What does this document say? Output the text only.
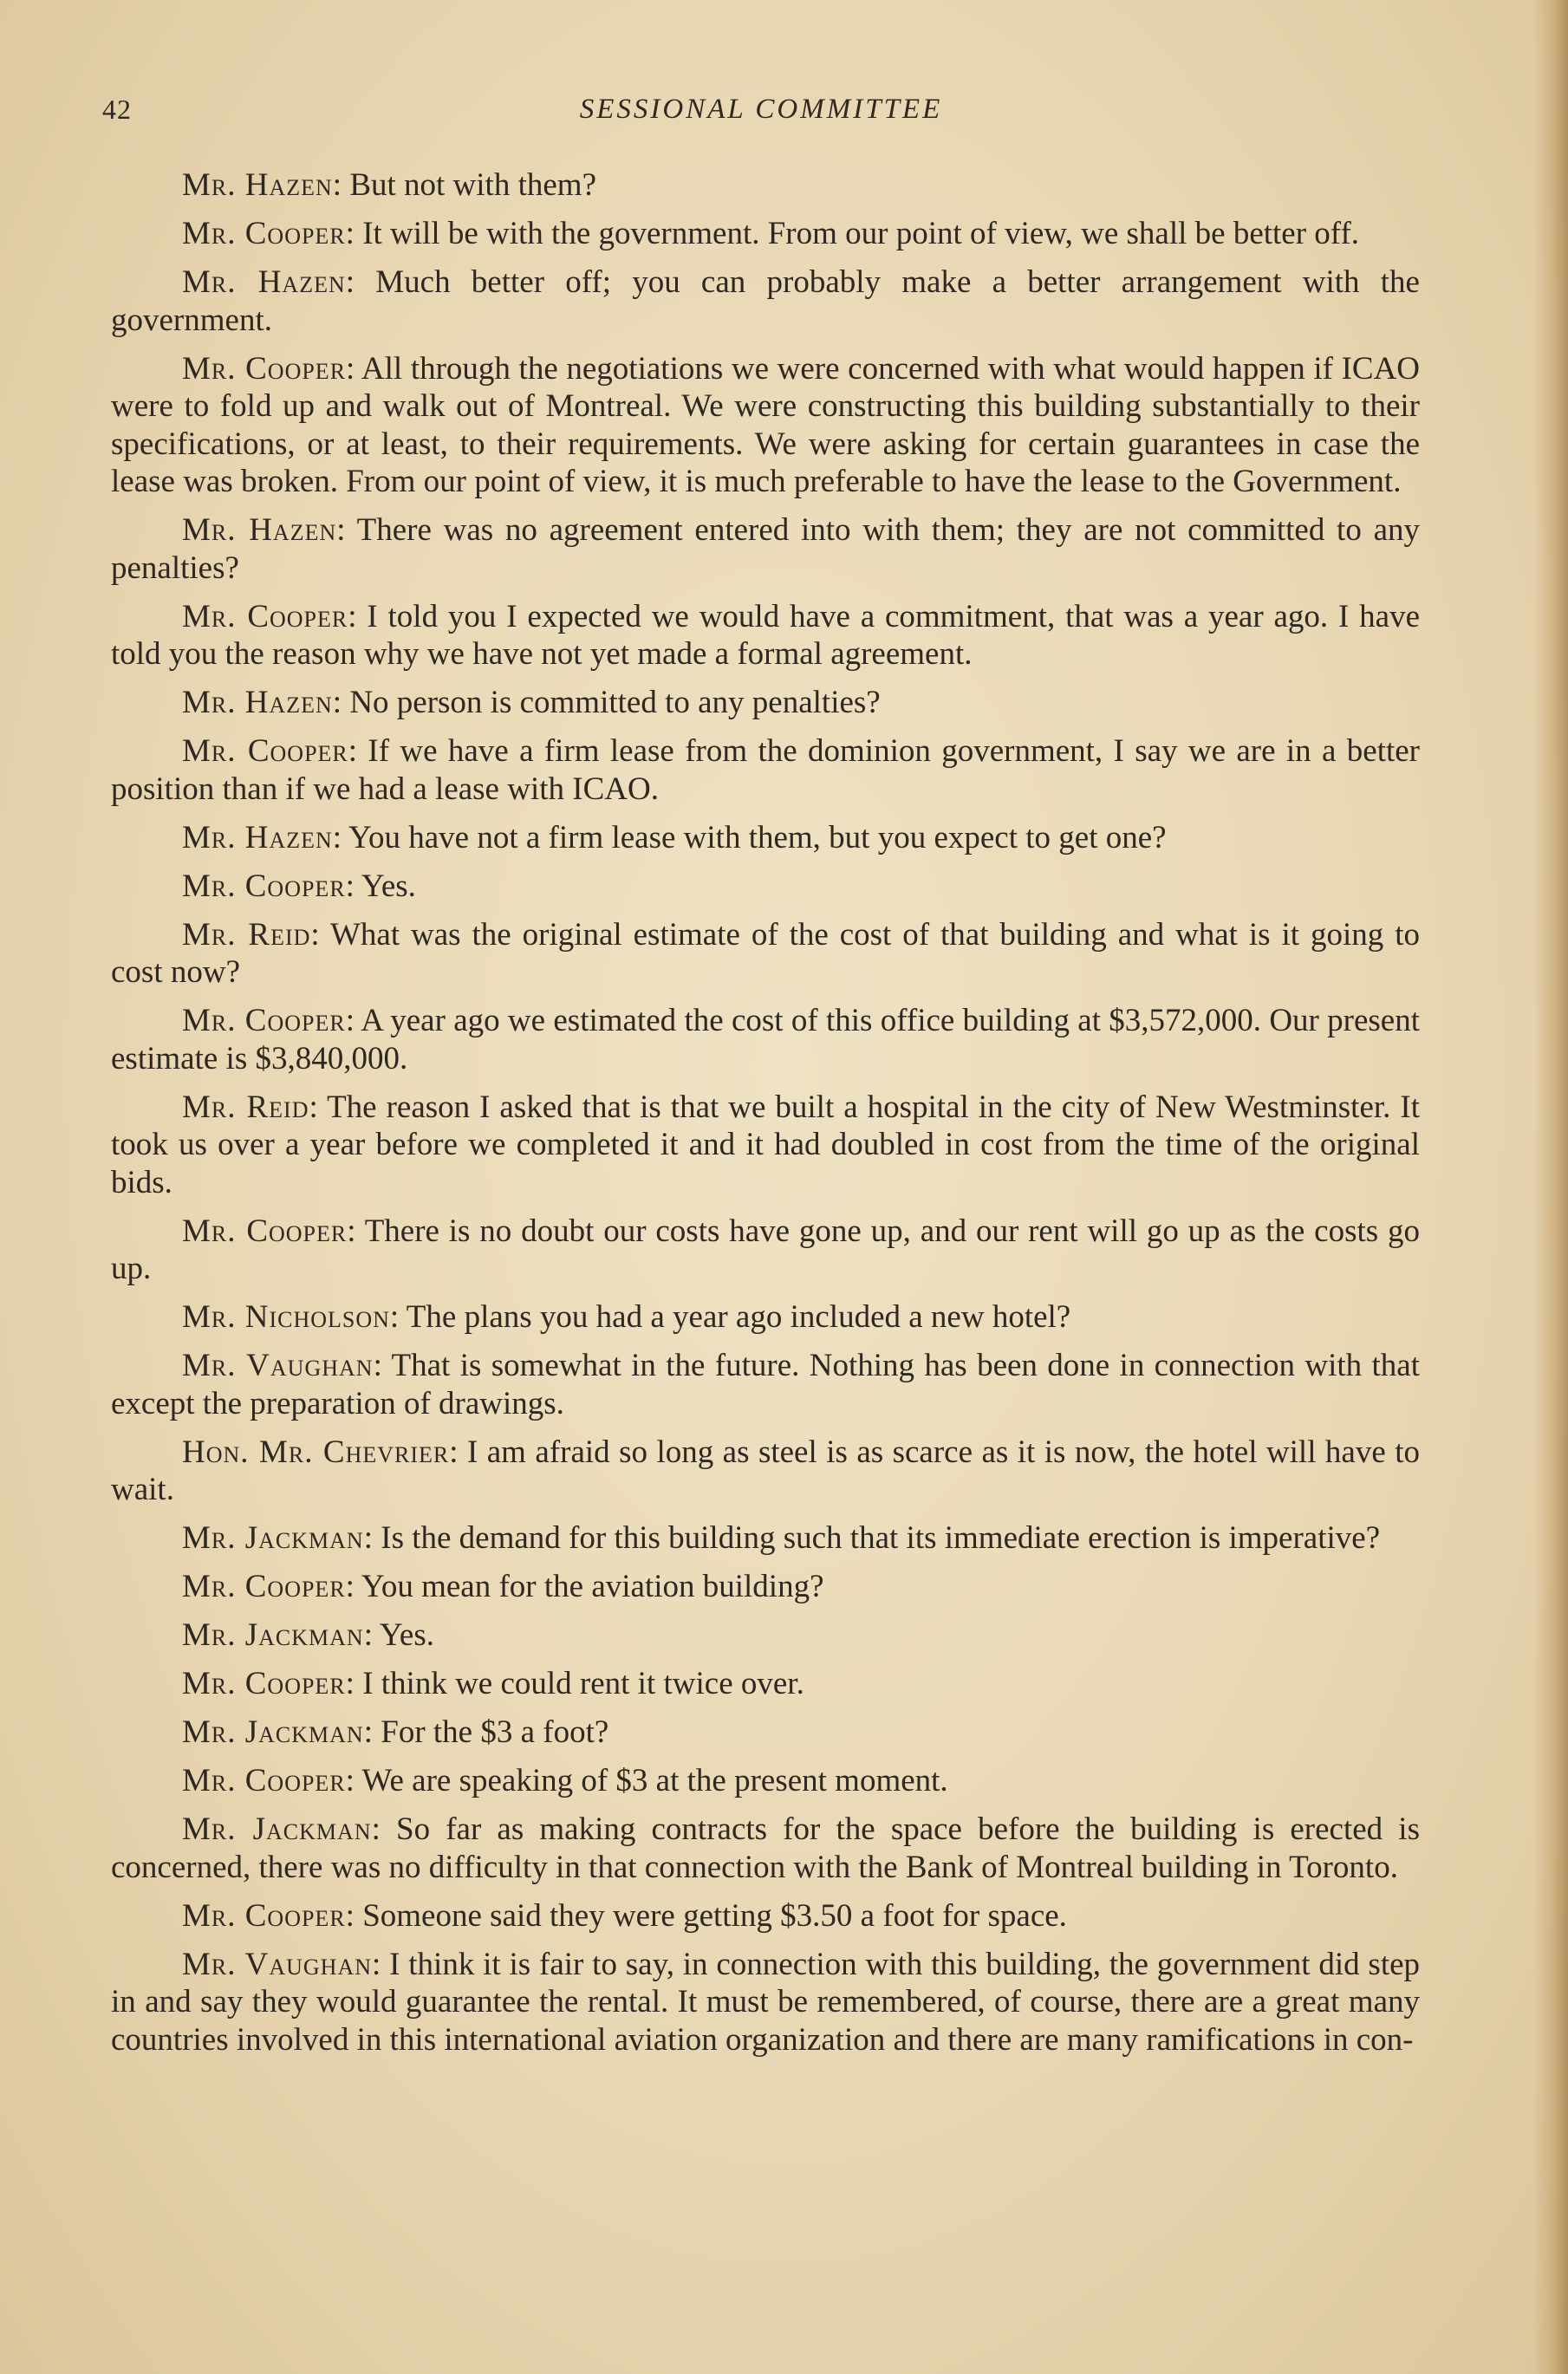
42	SESSIONAL COMMITTEE

Mr. Hazen: But not with them?

Mr. Cooper: It will be with the government. From our point of view, we shall be better off.

Mr. Hazen: Much better off; you can probably make a better arrangement with the government.

Mr. Cooper: All through the negotiations we were concerned with what would happen if ICAO were to fold up and walk out of Montreal. We were constructing this building substantially to their specifications, or at least, to their requirements. We were asking for certain guarantees in case the lease was broken. From our point of view, it is much preferable to have the lease to the Government.

Mr. Hazen: There was no agreement entered into with them; they are not committed to any penalties?

Mr. Cooper: I told you I expected we would have a commitment, that was a year ago. I have told you the reason why we have not yet made a formal agreement.

Mr. Hazen: No person is committed to any penalties?

Mr. Cooper: If we have a firm lease from the dominion government, I say we are in a better position than if we had a lease with ICAO.

Mr. Hazen: You have not a firm lease with them, but you expect to get one?

Mr. Cooper: Yes.

Mr. Reid: What was the original estimate of the cost of that building and what is it going to cost now?

Mr. Cooper: A year ago we estimated the cost of this office building at $3,572,000. Our present estimate is $3,840,000.

Mr. Reid: The reason I asked that is that we built a hospital in the city of New Westminster. It took us over a year before we completed it and it had doubled in cost from the time of the original bids.

Mr. Cooper: There is no doubt our costs have gone up, and our rent will go up as the costs go up.

Mr. Nicholson: The plans you had a year ago included a new hotel?

Mr. Vaughan: That is somewhat in the future. Nothing has been done in connection with that except the preparation of drawings.

Hon. Mr. Chevrier: I am afraid so long as steel is as scarce as it is now, the hotel will have to wait.

Mr. Jackman: Is the demand for this building such that its immediate erection is imperative?

Mr. Cooper: You mean for the aviation building?

Mr. Jackman: Yes.

Mr. Cooper: I think we could rent it twice over.

Mr. Jackman: For the $3 a foot?

Mr. Cooper: We are speaking of $3 at the present moment.

Mr. Jackman: So far as making contracts for the space before the building is erected is concerned, there was no difficulty in that connection with the Bank of Montreal building in Toronto.

Mr. Cooper: Someone said they were getting $3.50 a foot for space.

Mr. Vaughan: I think it is fair to say, in connection with this building, the government did step in and say they would guarantee the rental. It must be remembered, of course, there are a great many countries involved in this international aviation organization and there are many ramifications in con-
